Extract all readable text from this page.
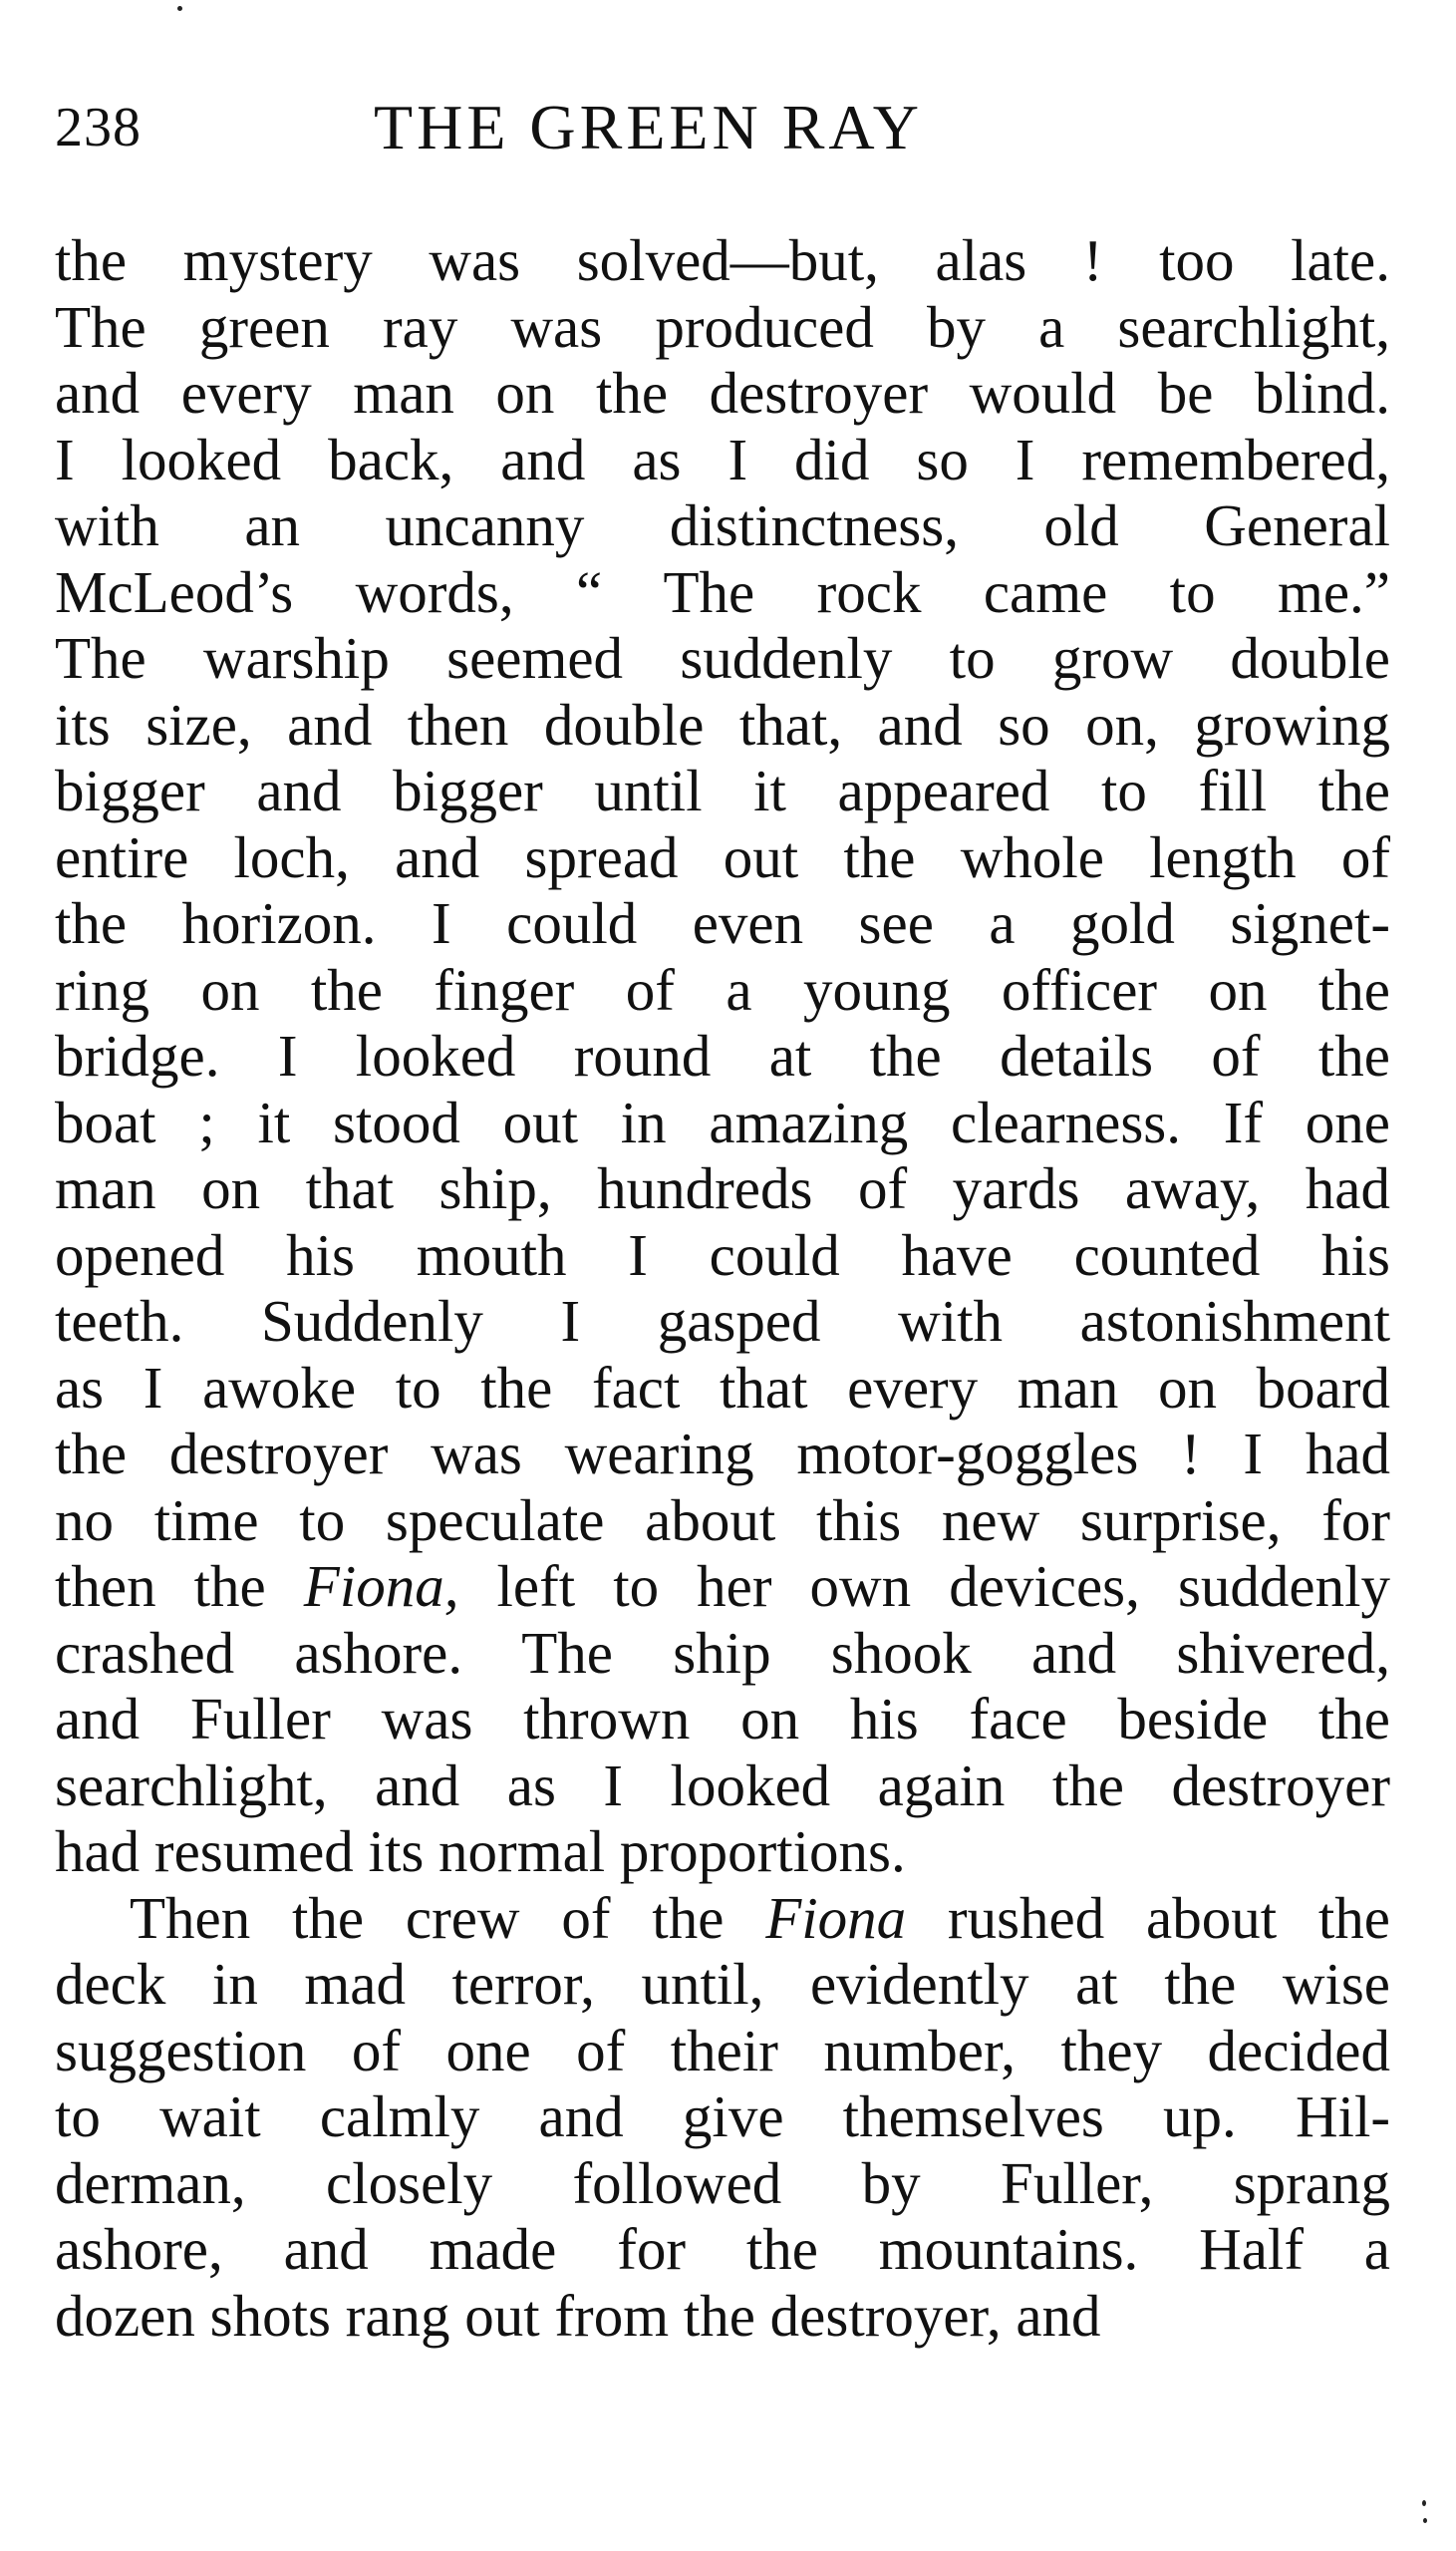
238	THE GREEN RAY
the mystery was solved—but, alas ! too late.
The green ray was produced by a searchlight,
and every man on the destroyer would be blind.
I looked back, and as I did so I remembered,
with an uncanny distinctness, old General
McLeod’s words, “ The rock came to me.”
The warship seemed suddenly to grow double
its size, and then double that, and so on, growing
bigger and bigger until it appeared to fill the
entire loch, and spread out the whole length of
the horizon. I could even see a gold signet-
ring on the finger of a young officer on the
bridge. I looked round at the details of the
boat ; it stood out in amazing clearness. If one
man on that ship, hundreds of yards away, had
opened his mouth I could have counted his
teeth. Suddenly I gasped with astonishment
as I awoke to the fact that every man on board
the destroyer was wearing motor-goggles ! I had
no time to speculate about this new surprise, for
then the Fiona, left to her own devices, suddenly
crashed ashore. The ship shook and shivered,
and Fuller was thrown on his face beside the
searchlight, and as I looked again the destroyer
had resumed its normal proportions.
Then the crew of the Fiona rushed about the
deck in mad terror, until, evidently at the wise
suggestion of one of their number, they decided
to wait calmly and give themselves up. Hil-
derman, closely followed by Fuller, sprang
ashore, and made for the mountains. Half a
dozen shots rang out from the destroyer, and
